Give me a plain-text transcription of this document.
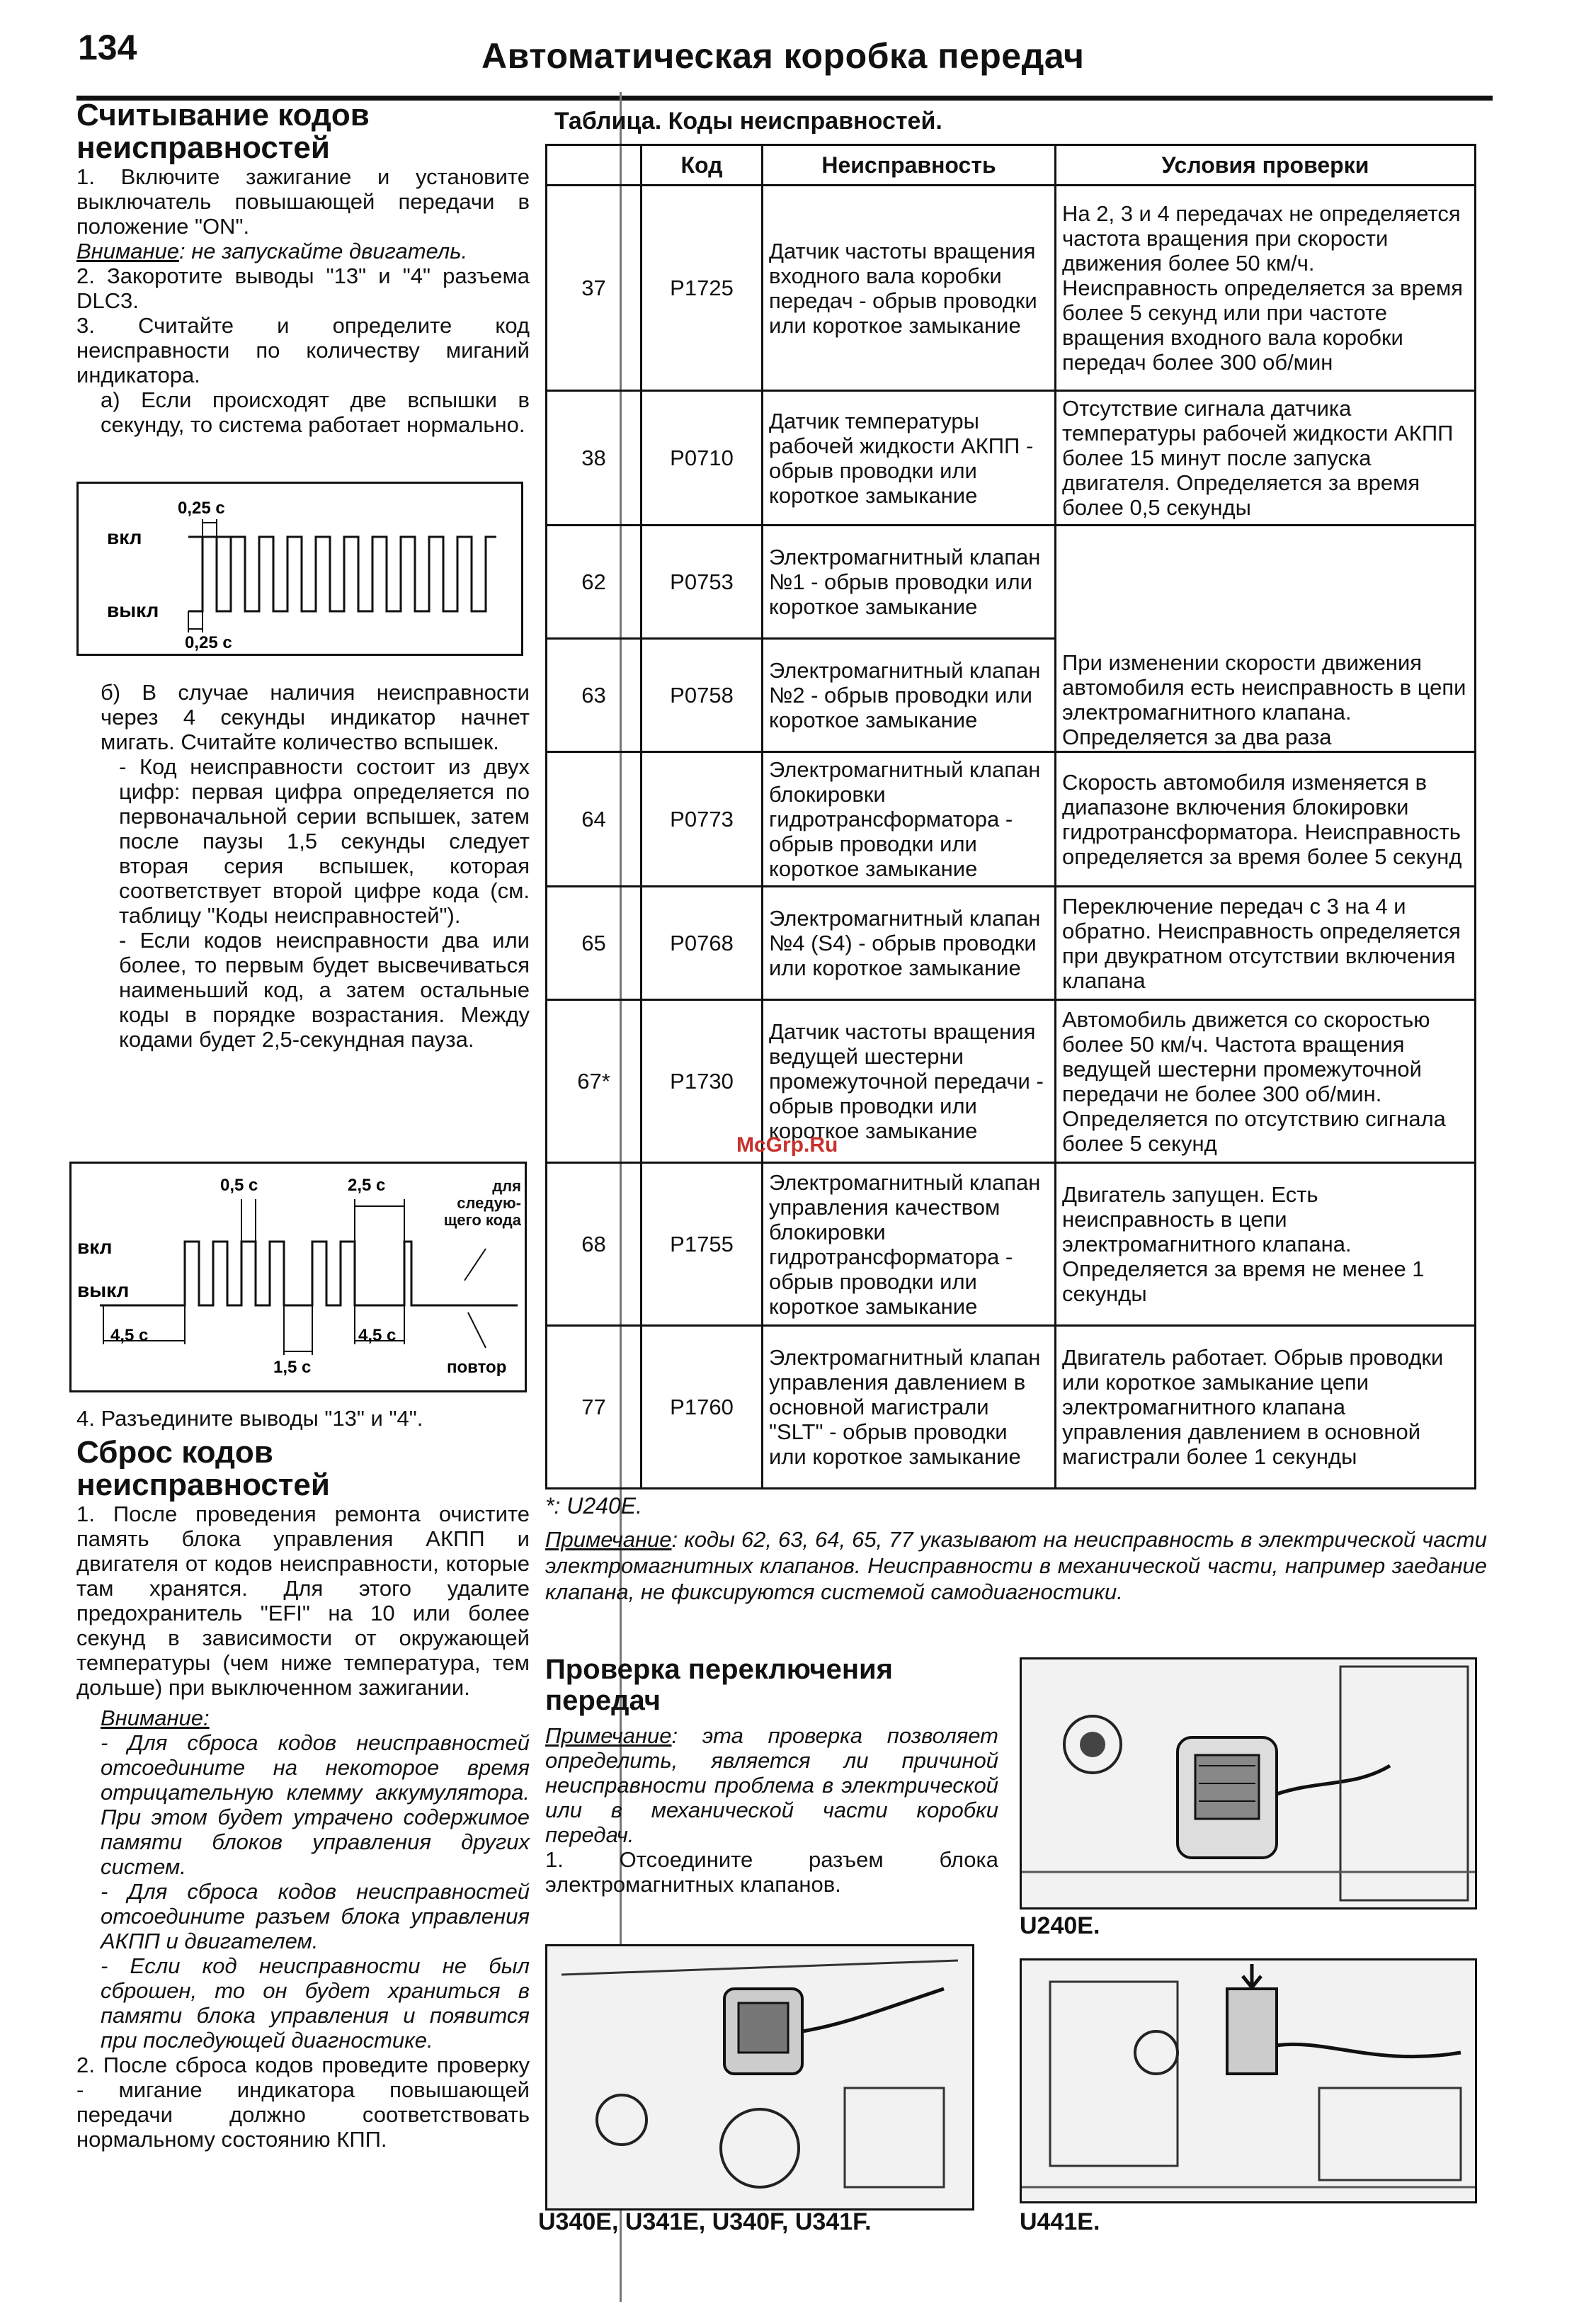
134	Автоматическая коробка передач
Считывание кодов неисправностей

1. Включите зажигание и установите выключатель повышающей передачи в положение "ON".

Внимание: не запускайте двигатель.

2. Закоротите выводы "13" и "4" разъема DLC3.

3. Считайте и определите код неисправности по количеству миганий индикатора.

а) Если происходят две вспышки в секунду, то система работает нормально.

0,25 с
0,25 с
вкл
выкл

б) В случае наличия неисправности через 4 секунды индикатор начнет мигать. Считайте количество вспышек.

- Код неисправности состоит из двух цифр: первая цифра определяется по первоначальной серии вспышек, затем после паузы 1,5 секунды следует вторая серия вспышек, которая соответствует второй цифре кода (см. таблицу "Коды неисправностей").

- Если кодов неисправности два или более, то первым будет высвечиваться наименьший код, а затем остальные коды в порядке возрастания. Между кодами будет 2,5-секундная пауза.

0,5 с	2,5 с
4,5 с
1,5 с
4,5 с
вкл
выкл
для следую-щего кода
повтор

4. Разъедините выводы "13" и "4".

Сброс кодов неисправностей

1. После проведения ремонта очистите память блока управления АКПП и двигателя от кодов неисправности, которые там хранятся. Для этого удалите предохранитель "EFI" на 10 или более секунд в зависимости от окружающей температуры (чем ниже температура, тем дольше) при выключенном зажигании.

Внимание:

- Для сброса кодов неисправностей отсоедините на некоторое время отрицательную клемму аккумулятора. При этом будет утрачено содержимое памяти блоков управления других систем.

- Для сброса кодов неисправностей отсоедините разъем блока управления АКПП и двигателем.

- Если код неисправности не был сброшен, то он будет храниться в памяти блока управления и появится при последующей диагностике.

2. После сброса кодов проведите проверку - мигание индикатора повышающей передачи должно соответствовать нормальному состоянию КПП.

Таблица. Коды неисправностей.
	Код	Неисправность	Условия проверки
37	P1725	Датчик частоты вращения входного вала коробки передач - обрыв проводки или короткое замыкание	На 2, 3 и 4 передачах не определяется частота вращения при скорости движения более 50 км/ч. Неисправность определяется за время более 5 секунд или при частоте вращения входного вала коробки передач более 300 об/мин
38	P0710	Датчик температуры рабочей жидкости АКПП - обрыв проводки или короткое замыкание	Отсутствие сигнала датчика температуры рабочей жидкости АКПП более 15 минут после запуска двигателя. Определяется за время более 0,5 секунды
62	P0753	Электромагнитный клапан №1 - обрыв проводки или короткое замыкание	
63	P0758	Электромагнитный клапан №2 - обрыв проводки или короткое замыкание	При изменении скорости движения автомобиля есть неисправность в цепи электромагнитного клапана. Определяется за два раза
64	P0773	Электромагнитный клапан блокировки гидротрансформатора - обрыв проводки или короткое замыкание	Скорость автомобиля изменяется в диапазоне включения блокировки гидротрансформатора. Неисправность определяется за время более 5 секунд
65	P0768	Электромагнитный клапан №4 (S4) - обрыв проводки или короткое замыкание	Переключение передач с 3 на 4 и обратно. Неисправность определяется при двукратном отсутствии включения клапана
67*	P1730	Датчик частоты вращения ведущей шестерни промежуточной передачи - обрыв проводки или короткое замыкание	Автомобиль движется со скоростью более 50 км/ч. Частота вращения ведущей шестерни промежуточной передачи не более 300 об/мин. Определяется по отсутствию сигнала более 5 секунд
68	P1755	Электромагнитный клапан управления качеством блокировки гидротрансформатора - обрыв проводки или короткое замыкание	Двигатель запущен. Есть неисправность в цепи электромагнитного клапана. Определяется за время не менее 1 секунды
77	P1760	Электромагнитный клапан управления давлением в основной магистрали "SLT" - обрыв проводки или короткое замыкание	Двигатель работает. Обрыв проводки или короткое замыкание цепи электромагнитного клапана управления давлением в основной магистрали более 1 секунды
*: U240E.
Примечание: коды 62, 63, 64, 65, 77 указывают на неисправность в электрической части электромагнитных клапанов. Неисправности в механической части, например заедание клапана, не фиксируются системой самодиагностики.
Проверка переключения передач

Примечание: эта проверка позволяет определить, является ли причиной неисправности проблема в электрической или в механической части коробки передач.

1. Отсоедините разъем блока электромагнитных клапанов.

U240E.
U340E, U341E, U340F, U341F.	U441E.
McGrp.Ru
